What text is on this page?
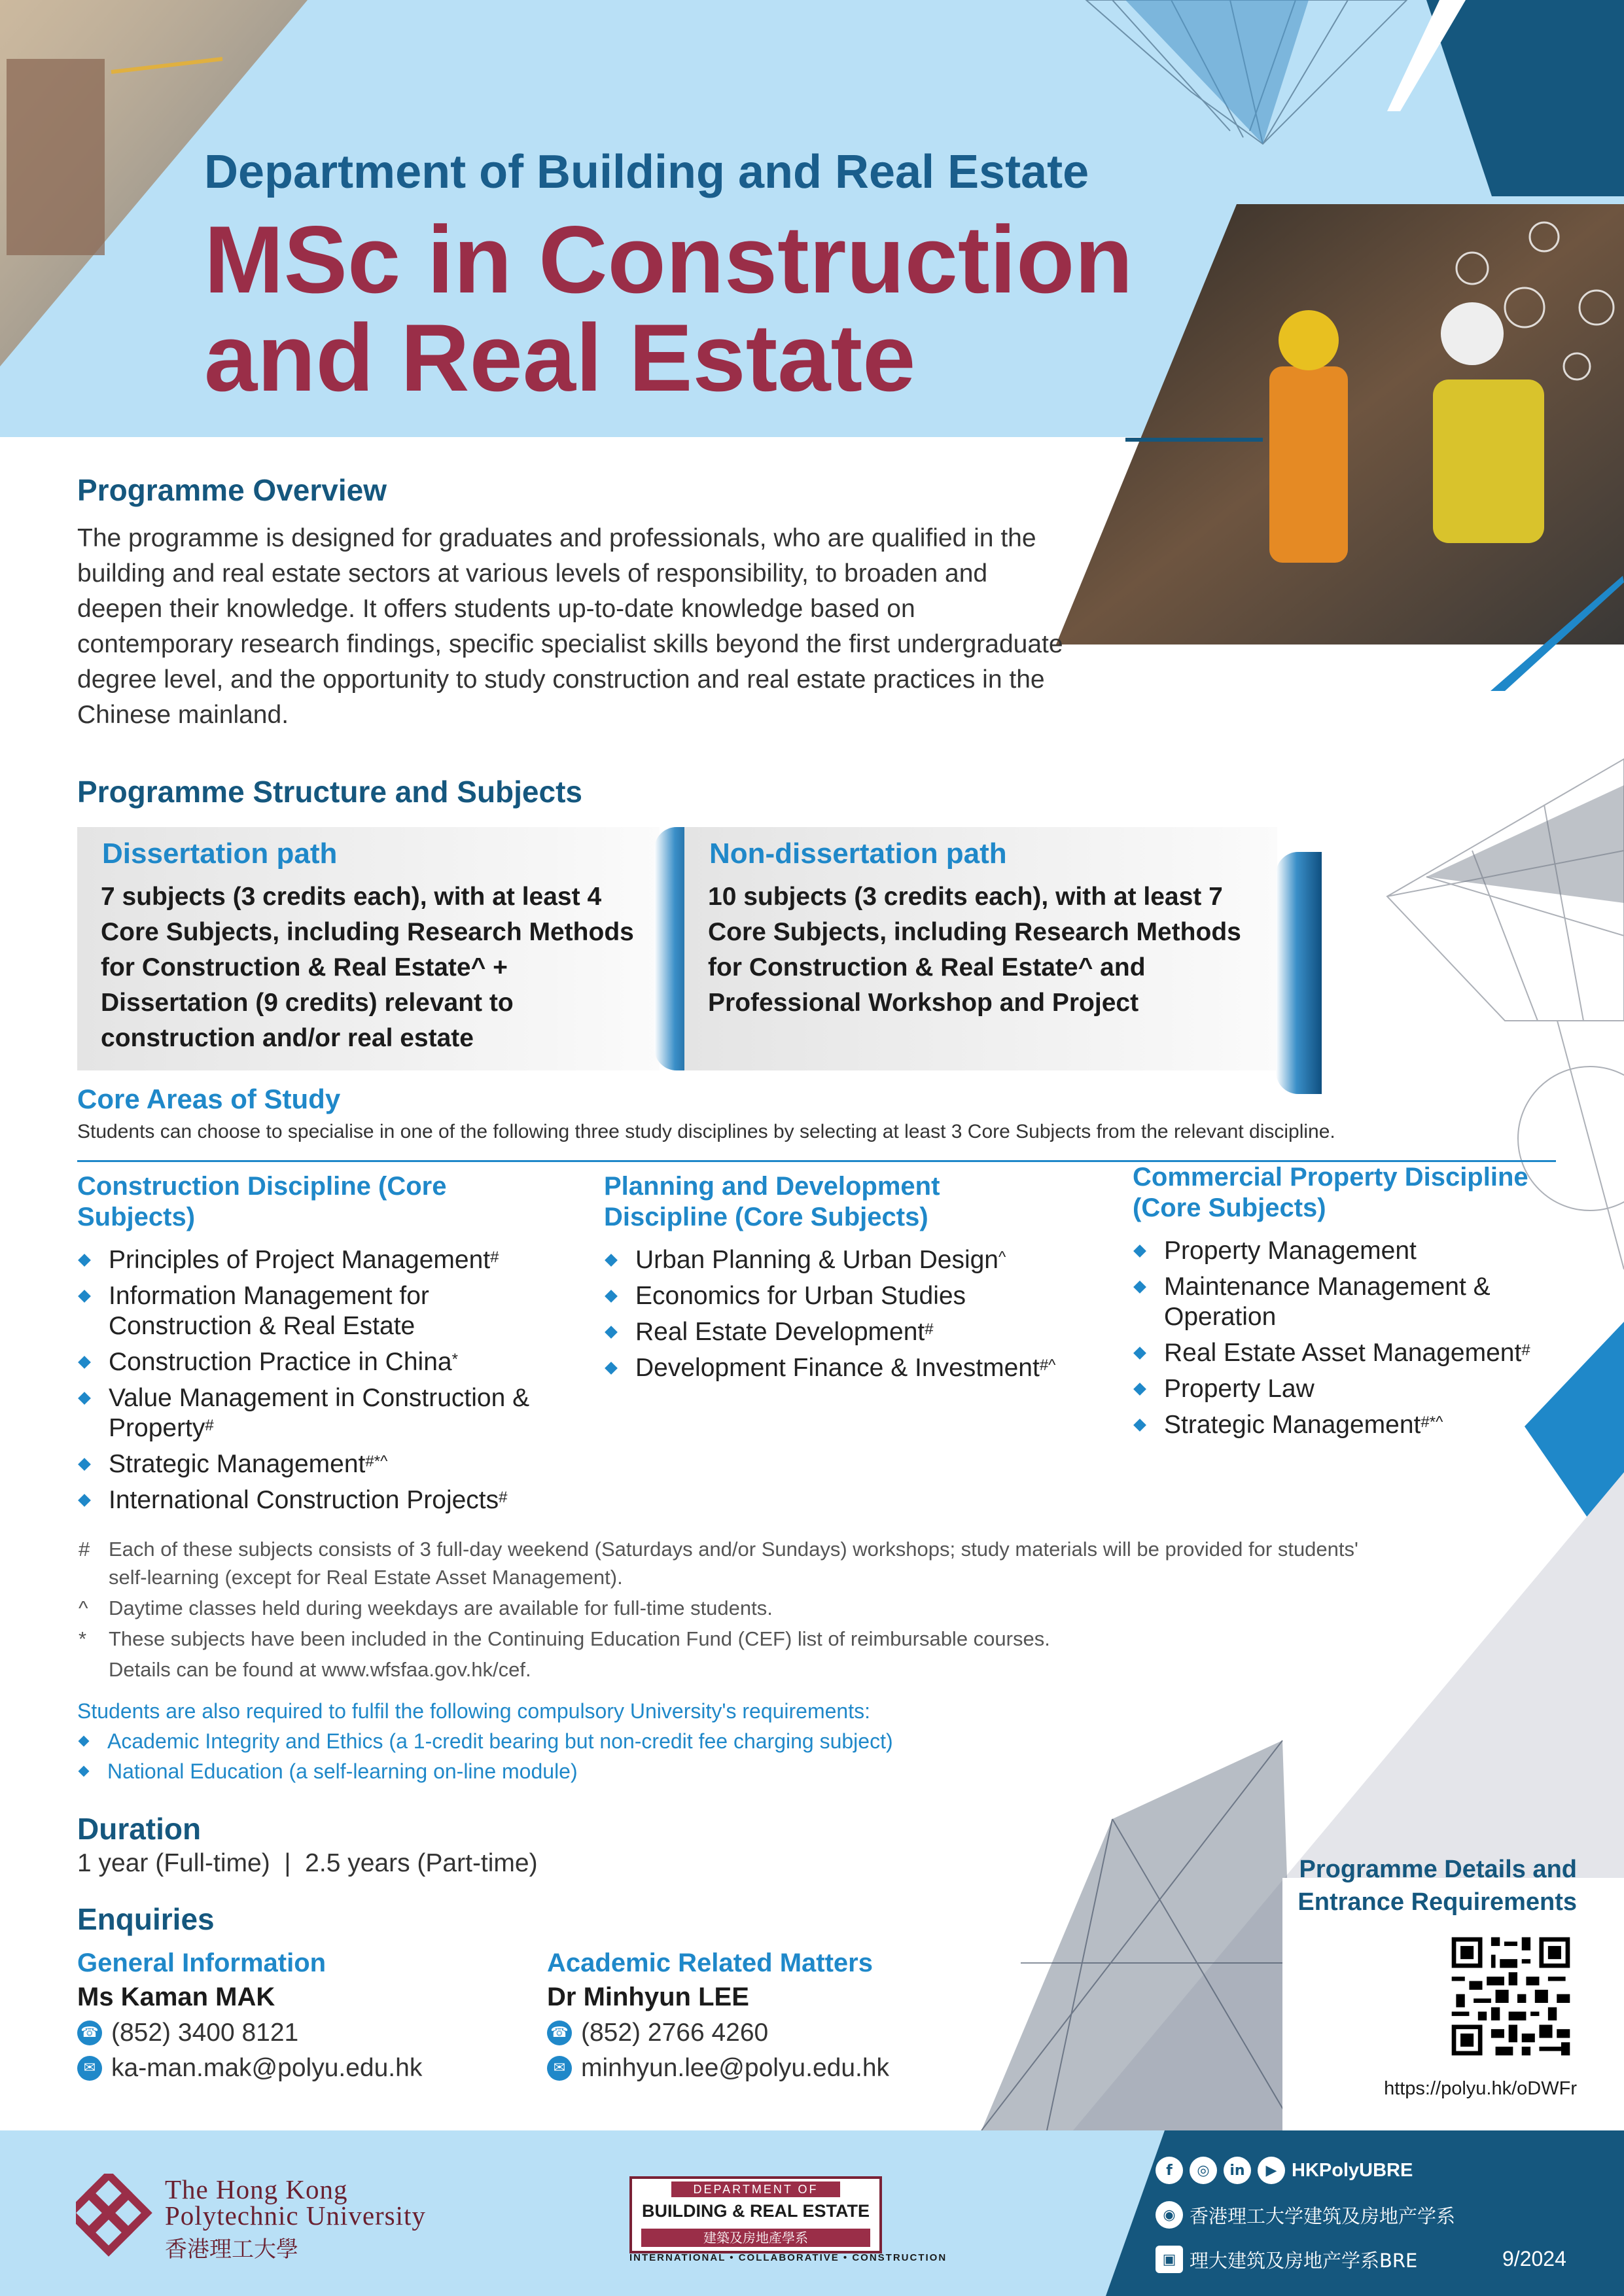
Department of Building and Real Estate
MSc in Construction
and Real Estate
Programme Overview
The programme is designed for graduates and professionals, who are qualified in the building and real estate sectors at various levels of responsibility, to broaden and deepen their knowledge. It offers students up-to-date knowledge based on contemporary research findings, specific specialist skills beyond the first undergraduate degree level, and the opportunity to study construction and real estate practices in the Chinese mainland.
Programme Structure and Subjects
Dissertation path
7 subjects (3 credits each), with at least 4 Core Subjects, including Research Methods for Construction & Real Estate^ + Dissertation (9 credits) relevant to construction and/or real estate
Non-dissertation path
10 subjects (3 credits each), with at least 7 Core Subjects, including Research Methods for Construction & Real Estate^ and Professional Workshop and Project
Core Areas of Study
Students can choose to specialise in one of the following three study disciplines by selecting at least 3 Core Subjects from the relevant discipline.
Construction Discipline (Core Subjects)
Planning and Development Discipline (Core Subjects)
Commercial Property Discipline (Core Subjects)
Principles of Project Management#
Information Management for Construction & Real Estate
Construction Practice in China*
Value Management in Construction & Property#
Strategic Management#*^
International Construction Projects#
Urban Planning & Urban Design^
Economics for Urban Studies
Real Estate Development#
Development Finance & Investment#^
Property Management
Maintenance Management & Operation
Real Estate Asset Management#
Property Law
Strategic Management#*^
# Each of these subjects consists of 3 full-day weekend (Saturdays and/or Sundays) workshops; study materials will be provided for students' self-learning (except for Real Estate Asset Management).
^ Daytime classes held during weekdays are available for full-time students.
* These subjects have been included in the Continuing Education Fund (CEF) list of reimbursable courses.
Details can be found at www.wfsfaa.gov.hk/cef.
Students are also required to fulfil the following compulsory University's requirements:
Academic Integrity and Ethics (a 1-credit bearing but non-credit fee charging subject)
National Education (a self-learning on-line module)
Duration
1 year (Full-time)  |  2.5 years (Part-time)
Enquiries
General Information
Ms Kaman MAK
☎ (852) 3400 8121
✉ ka-man.mak@polyu.edu.hk
Academic Related Matters
Dr Minhyun LEE
☎ (852) 2766 4260
✉ minhyun.lee@polyu.edu.hk
Programme Details and Entrance Requirements
https://polyu.hk/oDWFr
The Hong Kong
Polytechnic University
香港理工大學
DEPARTMENT OF
BUILDING & REAL ESTATE
建築及房地產學系
INTERNATIONAL • COLLABORATIVE • CONSTRUCTION
f	◎	in	▶ HKPolyUBRE
◉ 香港理工大学建筑及房地产学系
▣ 理大建筑及房地产学系BRE	9/2024
